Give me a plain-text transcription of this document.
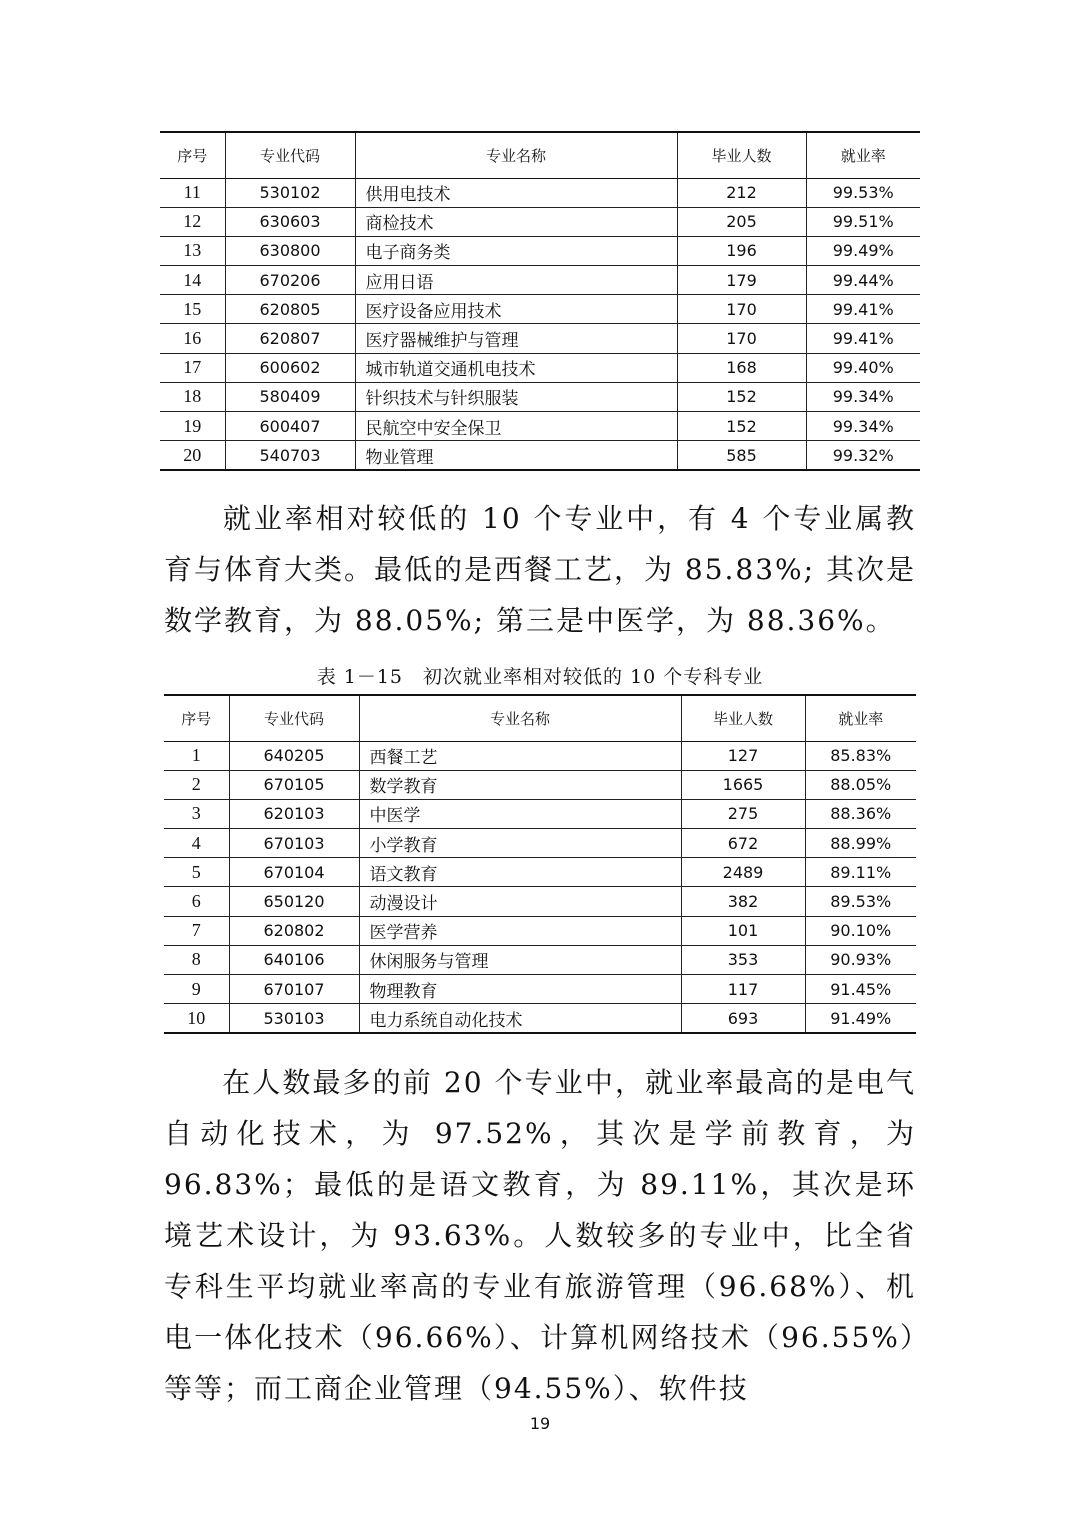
序号	专业代码	专业名称	毕业人数	就业率
11	530102	供用电技术	212	99.53%
12	630603	商检技术	205	99.51%
13	630800	电子商务类	196	99.49%
14	670206	应用日语	179	99.44%
15	620805	医疗设备应用技术	170	99.41%
16	620807	医疗器械维护与管理	170	99.41%
17	600602	城市轨道交通机电技术	168	99.40%
18	580409	针织技术与针织服装	152	99.34%
19	600407	民航空中安全保卫	152	99.34%
20	540703	物业管理	585	99.32%

就业率相对较低的 10 个专业中，有 4 个专业属教育与体育大类。最低的是西餐工艺，为 85.83%; 其次是数学教育，为 88.05%; 第三是中医学，为 88.36%。

表 1－15　初次就业率相对较低的 10 个专科专业
序号	专业代码	专业名称	毕业人数	就业率
1	640205	西餐工艺	127	85.83%
2	670105	数学教育	1665	88.05%
3	620103	中医学	275	88.36%
4	670103	小学教育	672	88.99%
5	670104	语文教育	2489	89.11%
6	650120	动漫设计	382	89.53%
7	620802	医学营养	101	90.10%
8	640106	休闲服务与管理	353	90.93%
9	670107	物理教育	117	91.45%
10	530103	电力系统自动化技术	693	91.49%

在人数最多的前 20 个专业中，就业率最高的是电气自动化技术，为 97.52%，其次是学前教育，为 96.83%；最低的是语文教育，为 89.11%，其次是环境艺术设计，为 93.63%。人数较多的专业中，比全省专科生平均就业率高的专业有旅游管理（96.68%）、机电一体化技术（96.66%）、计算机网络技术（96.55%）等等；而工商企业管理（94.55%）、软件技

19
